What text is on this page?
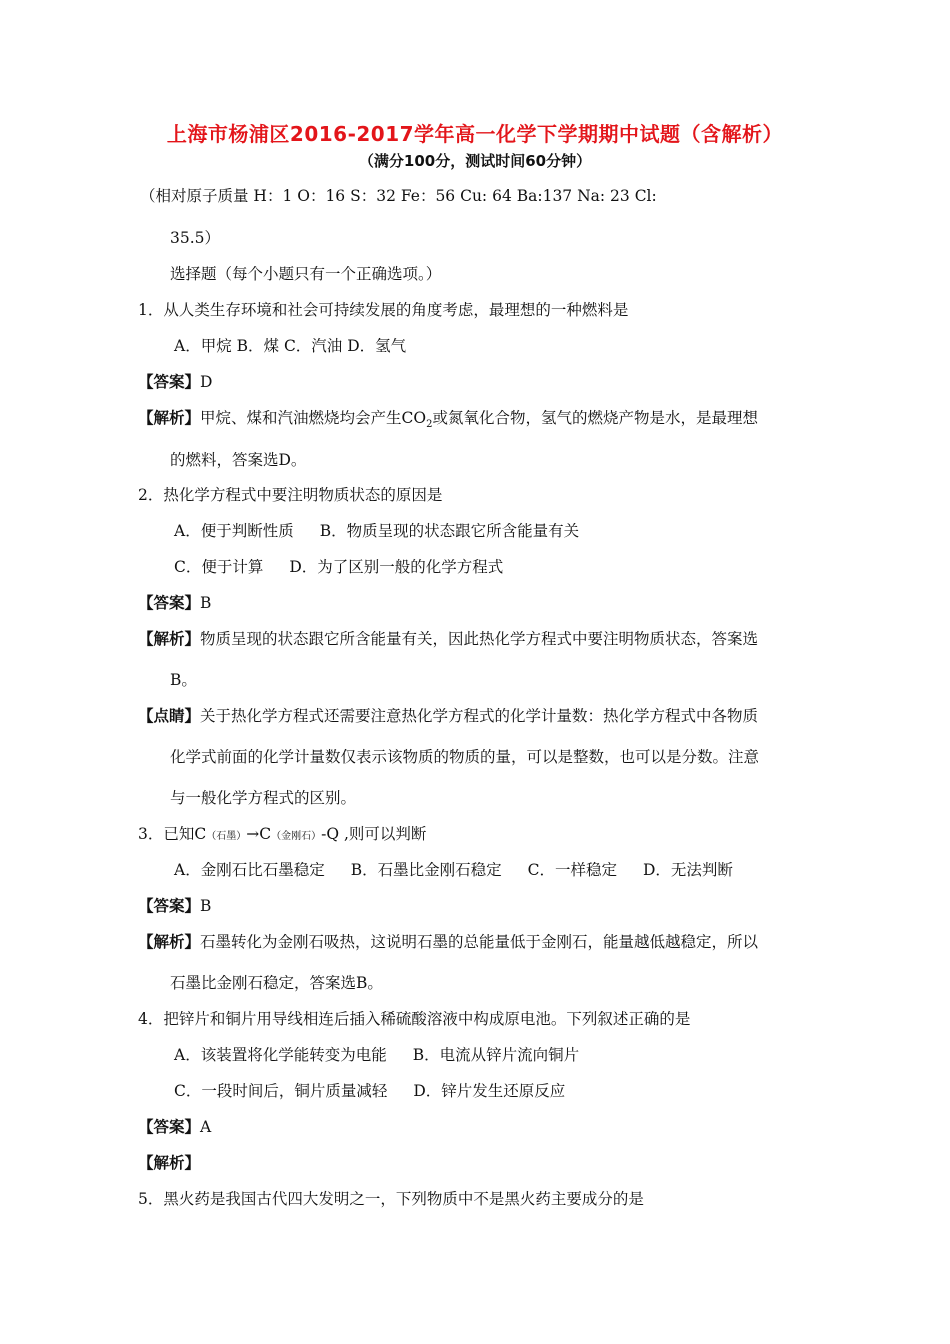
上海市杨浦区2016-2017学年高一化学下学期期中试题（含解析）
（满分100分，测试时间60分钟）
（相对原子质量 H：1 O：16 S：32 Fe：56 Cu: 64 Ba:137 Na: 23 Cl:
35.5）
选择题（每个小题只有一个正确选项。）
1．从人类生存环境和社会可持续发展的角度考虑，最理想的一种燃料是
A．甲烷 B．煤 C．汽油 D．氢气
【答案】D
【解析】甲烷、煤和汽油燃烧均会产生$CO_2$或氮氧化合物，氢气的燃烧产物是水，是最理想
的燃料，答案选D。
2．热化学方程式中要注明物质状态的原因是
A．便于判断性质 B．物质呈现的状态跟它所含能量有关
C．便于计算 D．为了区别一般的化学方程式
【答案】B
【解析】物质呈现的状态跟它所含能量有关，因此热化学方程式中要注明物质状态，答案选
B。
【点睛】关于热化学方程式还需要注意热化学方程式的化学计量数：热化学方程式中各物质
化学式前面的化学计量数仅表示该物质的物质的量，可以是整数，也可以是分数。注意
与一般化学方程式的区别。
3．已知C（石墨）→C（金刚石）-Q ,则可以判断
A．金刚石比石墨稳定 B．石墨比金刚石稳定 C．一样稳定 D．无法判断
【答案】B
【解析】石墨转化为金刚石吸热，这说明石墨的总能量低于金刚石，能量越低越稳定，所以
石墨比金刚石稳定，答案选B。
4．把锌片和铜片用导线相连后插入稀硫酸溶液中构成原电池。下列叙述正确的是
A．该装置将化学能转变为电能 B．电流从锌片流向铜片
C．一段时间后，铜片质量减轻 D．锌片发生还原反应
【答案】A
【解析】
5．黑火药是我国古代四大发明之一，下列物质中不是黑火药主要成分的是
